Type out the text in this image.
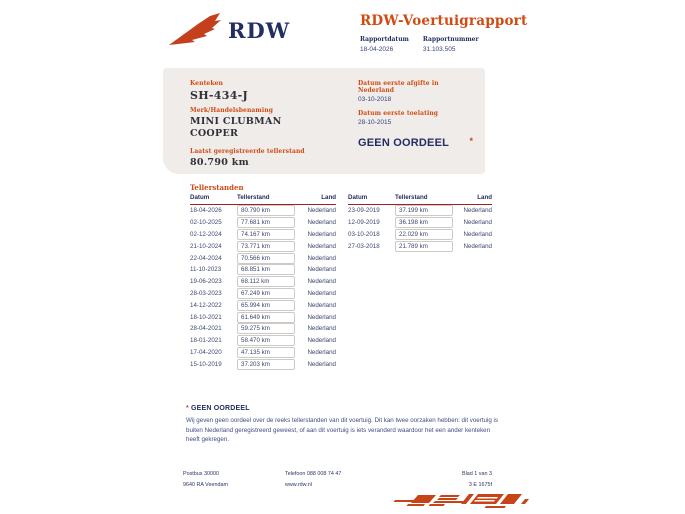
RDW	RDW-Voertuigrapport
Rapportdatum
18-04-2026
Rapportnummer
31.103.505
Kenteken
SH-434-J
Merk/Handelsbenaming
MINI CLUBMAN
COOPER
Laatst geregistreerde tellerstand
80.790 km
Datum eerste afgifte in Nederland
03-10-2018
Datum eerste toelating
28-10-2015
GEEN OORDEEL *
Tellerstanden
Datum	Tellerstand	Land
18-04-2026	80.790 km	Nederland
02-10-2025	77.681 km	Nederland
02-12-2024	74.167 km	Nederland
21-10-2024	73.771 km	Nederland
22-04-2024	70.566 km	Nederland
11-10-2023	68.851 km	Nederland
19-06-2023	68.112 km	Nederland
28-03-2023	67.249 km	Nederland
14-12-2022	65.994 km	Nederland
18-10-2021	61.649 km	Nederland
28-04-2021	59.275 km	Nederland
18-01-2021	58.470 km	Nederland
17-04-2020	47.135 km	Nederland
15-10-2019	37.203 km	Nederland
Datum	Tellerstand	Land
23-09-2019	37.199 km	Nederland
12-09-2019	36.198 km	Nederland
03-10-2018	22.029 km	Nederland
27-03-2018	21.789 km	Nederland
* GEEN OORDEEL
Wij geven geen oordeel over de reeks tellerstanden van dit voertuig. Dit kan twee oorzaken hebben: dit voertuig is buiten Nederland geregistreerd geweest, of aan dit voertuig is iets veranderd waardoor het een ander kenteken heeft gekregen.
Postbus 30000
9640 RA Veendam
Telefoon 088 008 74 47
www.rdw.nl
Blad 1 van 3
3 E 1675f
